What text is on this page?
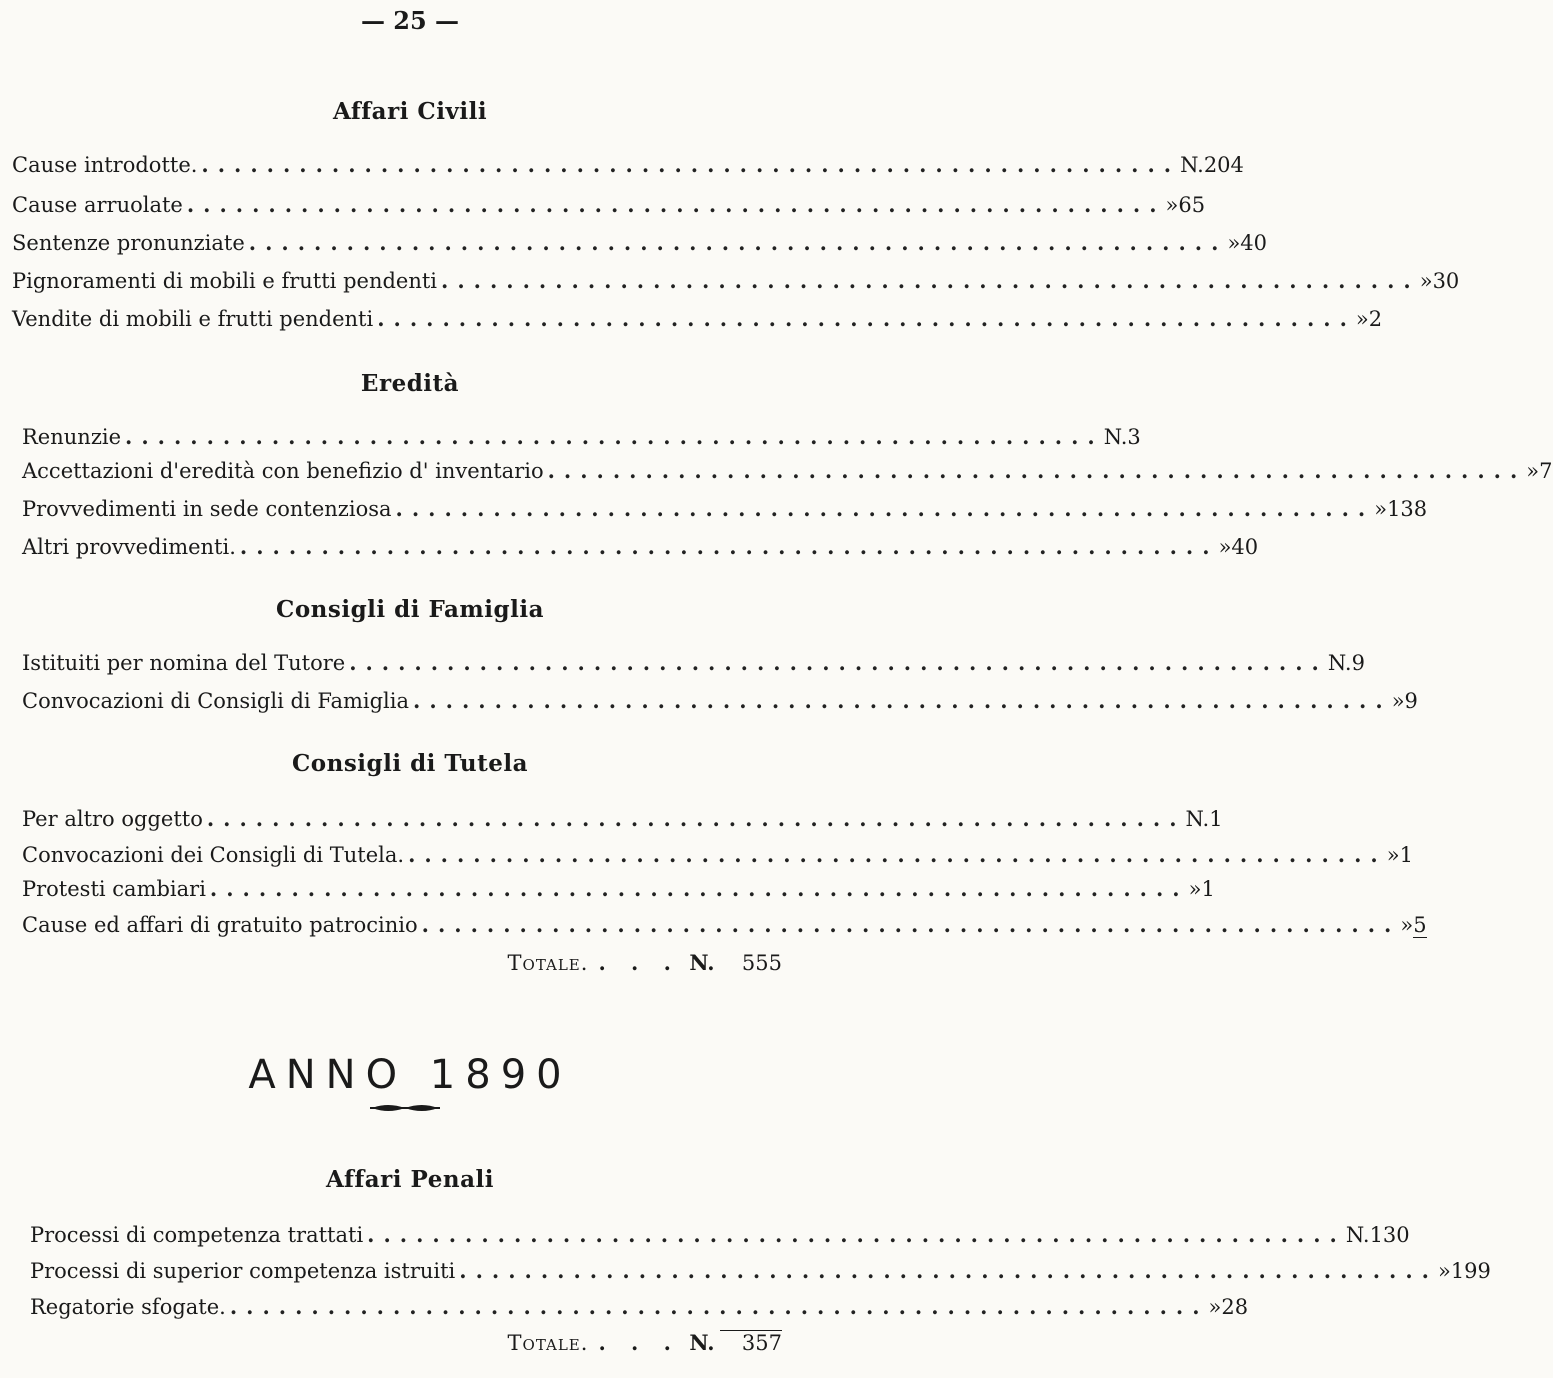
— 25 —
Affari Civili
Cause introdotte. ............................................................ N. 204
Cause arruolate ............................................................ » 65
Sentenze pronunziate ............................................................ » 40
Pignoramenti di mobili e frutti pendenti ............................................................ » 30
Vendite di mobili e frutti pendenti ............................................................ » 2
Eredità
Renunzie ............................................................ N. 3
Accettazioni d'eredità con benefizio d' inventario ............................................................ » 7
Provvedimenti in sede contenziosa ............................................................ » 138
Altri provvedimenti. ............................................................ » 40
Consigli di Famiglia
Istituiti per nomina del Tutore ............................................................ N. 9
Convocazioni di Consigli di Famiglia ............................................................ » 9
Consigli di Tutela
Per altro oggetto ............................................................ N. 1
Convocazioni dei Consigli di Tutela. ............................................................ » 1
Protesti cambiari ............................................................ » 1
Cause ed affari di gratuito patrocinio ............................................................ » 5
Totale. . . . N.	555
ANNO 1890
Affari Penali
Processi di competenza trattati ............................................................ N. 130
Processi di superior competenza istruiti ............................................................ » 199
Regatorie sfogate. ............................................................ » 28
Totale. . . . N.	357
